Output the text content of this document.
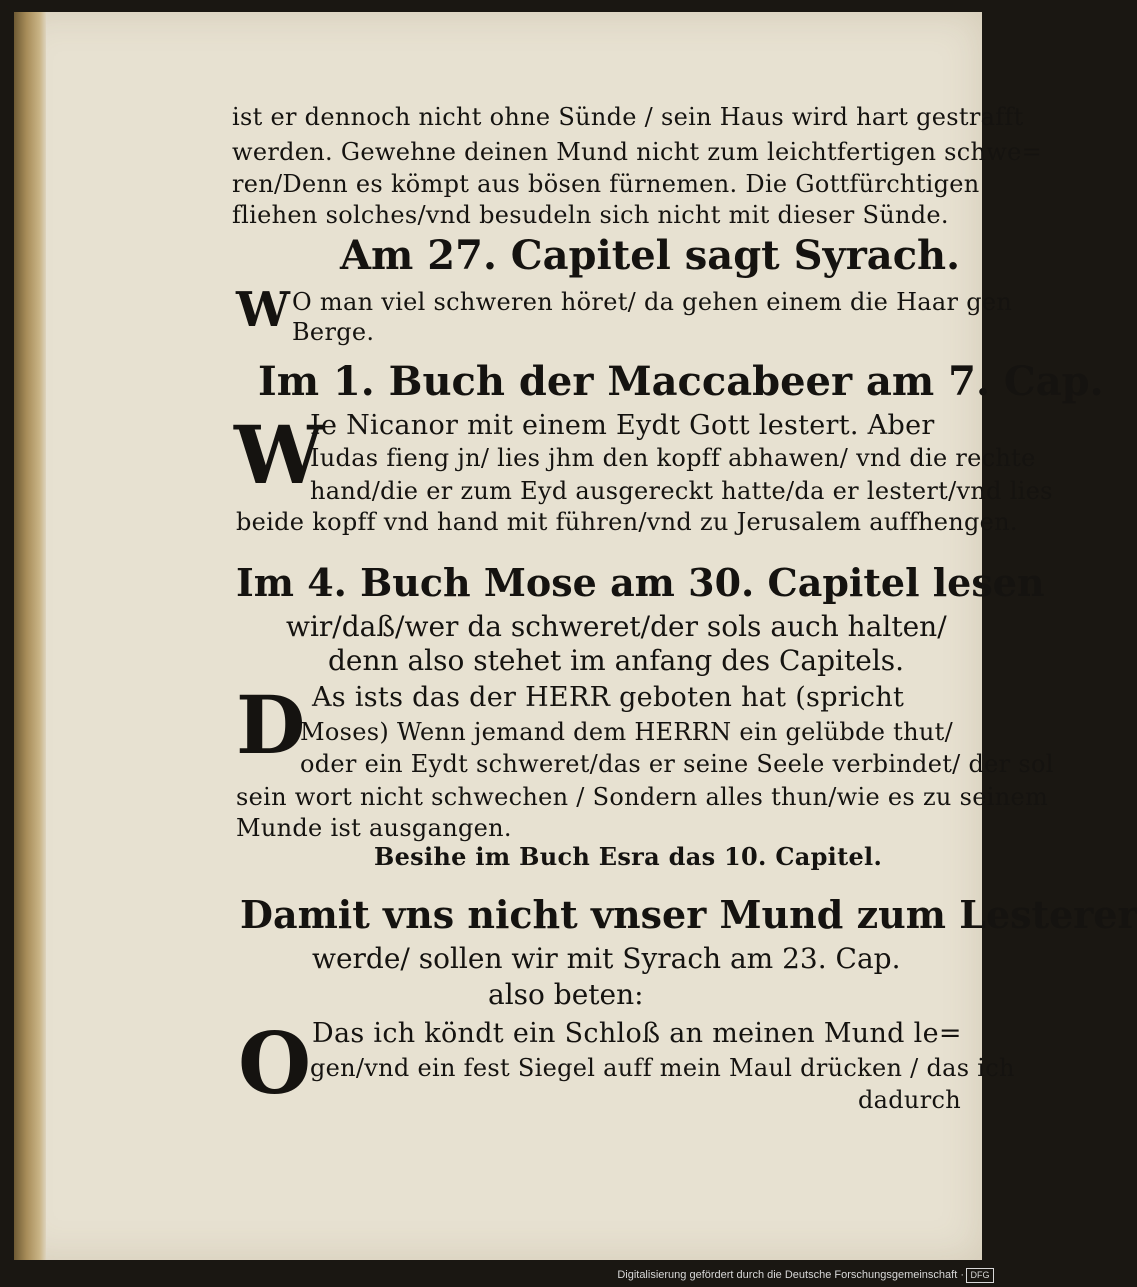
ist er dennoch nicht ohne Sünde / sein Haus wird hart gestrafft
werden. Gewehne deinen Mund nicht zum leichtfertigen schwe=
ren/Denn es kömpt aus bösen fürnemen. Die Gottfürchtigen
fliehen solches/vnd besudeln sich nicht mit dieser Sünde.
Am 27. Capitel sagt Syrach.
W O man viel schweren höret/ da gehen einem die Haar gen
Berge.
Im 1. Buch der Maccabeer am 7. Cap.
W
Ie Nicanor mit einem Eydt Gott lestert. Aber
Iudas fieng jn/ lies jhm den kopff abhawen/ vnd die rechte
hand/die er zum Eyd ausgereckt hatte/da er lestert/vnd lies
beide kopff vnd hand mit führen/vnd zu Jerusalem auffhengen.
Im 4. Buch Mose am 30. Capitel lesen
wir/daß/wer da schweret/der sols auch halten/
denn also stehet im anfang des Capitels.
D As ists das der HERR geboten hat (spricht
Moses) Wenn jemand dem HERRN ein gelübde thut/
oder ein Eydt schweret/das er seine Seele verbindet/ der sol
sein wort nicht schwechen / Sondern alles thun/wie es zu seinem
Munde ist ausgangen.
Besihe im Buch Esra das 10. Capitel.
Damit vns nicht vnser Mund zum Lesterer
werde/ sollen wir mit Syrach am 23. Cap.
also beten:
O Das ich köndt ein Schloß an meinen Mund le=
gen/vnd ein fest Siegel auff mein Maul drücken / das ich
dadurch
Digitalisierung gefördert durch die Deutsche Forschungsgemeinschaft · DFG
